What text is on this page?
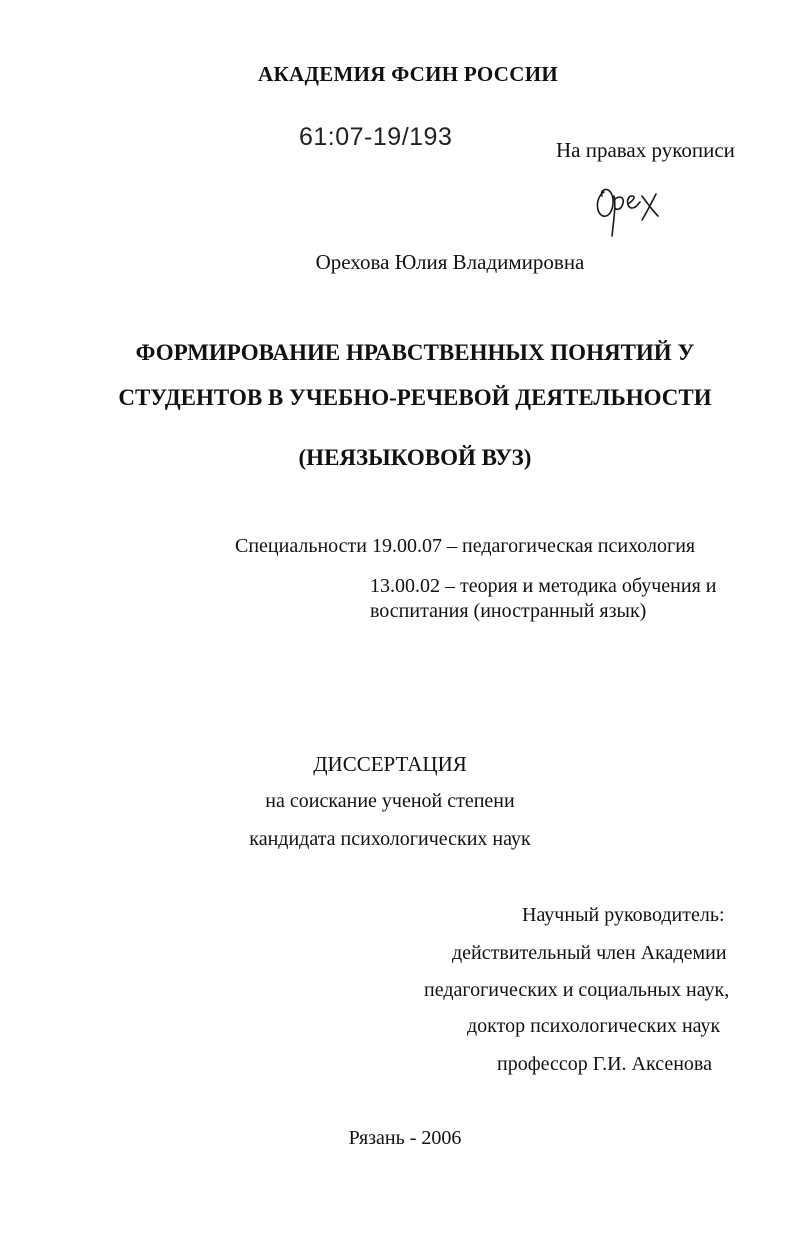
АКАДЕМИЯ ФСИН РОССИИ
61:07-19/193	На правах рукописи
Орехова Юлия Владимировна
ФОРМИРОВАНИЕ НРАВСТВЕННЫХ ПОНЯТИЙ У
СТУДЕНТОВ В УЧЕБНО-РЕЧЕВОЙ ДЕЯТЕЛЬНОСТИ
(НЕЯЗЫКОВОЙ ВУЗ)
Специальности 19.00.07 – педагогическая психология
13.00.02 – теория и методика обучения и
воспитания (иностранный язык)
ДИССЕРТАЦИЯ
на соискание ученой степени
кандидата психологических наук
Научный руководитель:
действительный член Академии
педагогических и социальных наук,
доктор психологических наук
профессор Г.И. Аксенова
Рязань - 2006
